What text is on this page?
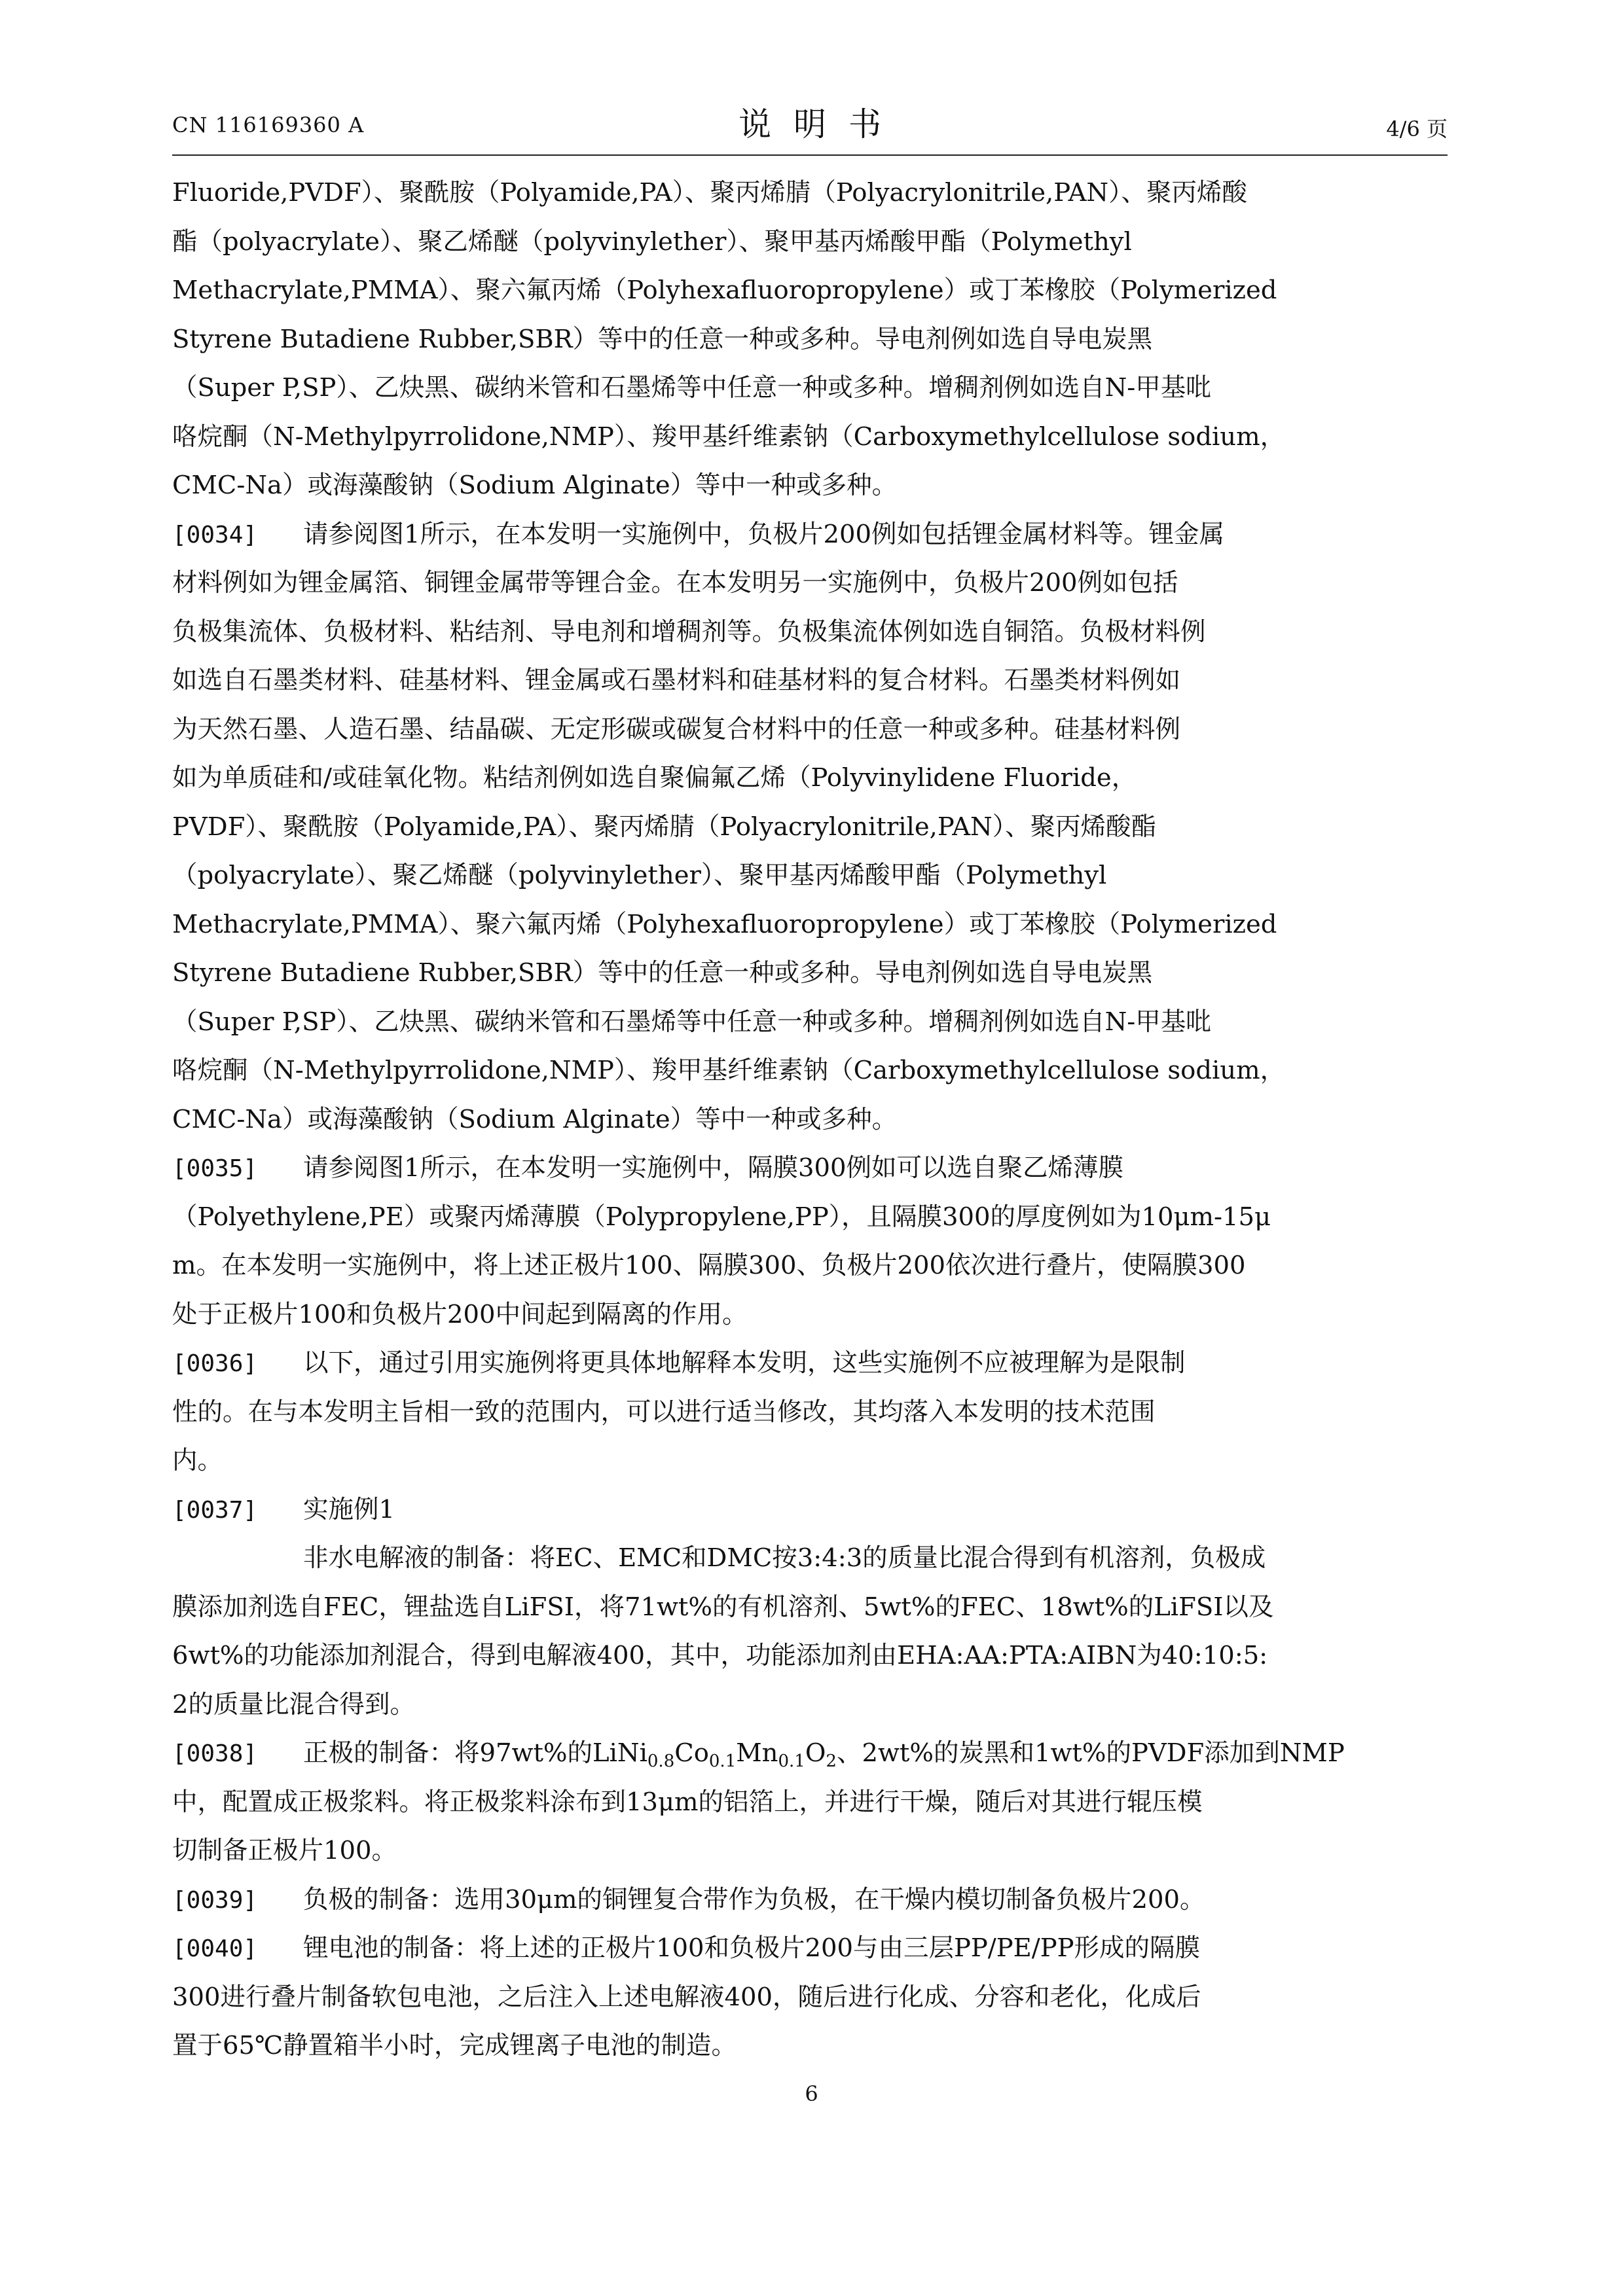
CN 116169360 A	说明书	4/6 页
Fluoride,PVDF）、聚酰胺（Polyamide,PA）、聚丙烯腈（Polyacrylonitrile,PAN）、聚丙烯酸
酯（polyacrylate）、聚乙烯醚（polyvinylether）、聚甲基丙烯酸甲酯（Polymethyl
Methacrylate,PMMA）、聚六氟丙烯（Polyhexafluoropropylene）或丁苯橡胶（Polymerized
Styrene Butadiene Rubber,SBR）等中的任意一种或多种。导电剂例如选自导电炭黑
（Super P,SP）、乙炔黑、碳纳米管和石墨烯等中任意一种或多种。增稠剂例如选自N-甲基吡
咯烷酮（N-Methylpyrrolidone,NMP）、羧甲基纤维素钠（Carboxymethylcellulose sodium，
CMC-Na）或海藻酸钠（Sodium Alginate）等中一种或多种。
[0034] 请参阅图1所示，在本发明一实施例中，负极片200例如包括锂金属材料等。锂金属
材料例如为锂金属箔、铜锂金属带等锂合金。在本发明另一实施例中，负极片200例如包括
负极集流体、负极材料、粘结剂、导电剂和增稠剂等。负极集流体例如选自铜箔。负极材料例
如选自石墨类材料、硅基材料、锂金属或石墨材料和硅基材料的复合材料。石墨类材料例如
为天然石墨、人造石墨、结晶碳、无定形碳或碳复合材料中的任意一种或多种。硅基材料例
如为单质硅和/或硅氧化物。粘结剂例如选自聚偏氟乙烯（Polyvinylidene Fluoride，
PVDF）、聚酰胺（Polyamide,PA）、聚丙烯腈（Polyacrylonitrile,PAN）、聚丙烯酸酯
（polyacrylate）、聚乙烯醚（polyvinylether）、聚甲基丙烯酸甲酯（Polymethyl
Methacrylate,PMMA）、聚六氟丙烯（Polyhexafluoropropylene）或丁苯橡胶（Polymerized
Styrene Butadiene Rubber,SBR）等中的任意一种或多种。导电剂例如选自导电炭黑
（Super P,SP）、乙炔黑、碳纳米管和石墨烯等中任意一种或多种。增稠剂例如选自N-甲基吡
咯烷酮（N-Methylpyrrolidone,NMP）、羧甲基纤维素钠（Carboxymethylcellulose sodium，
CMC-Na）或海藻酸钠（Sodium Alginate）等中一种或多种。
[0035] 请参阅图1所示，在本发明一实施例中，隔膜300例如可以选自聚乙烯薄膜
（Polyethylene,PE）或聚丙烯薄膜（Polypropylene,PP），且隔膜300的厚度例如为10μm-15μ
m。在本发明一实施例中，将上述正极片100、隔膜300、负极片200依次进行叠片，使隔膜300
处于正极片100和负极片200中间起到隔离的作用。
[0036] 以下，通过引用实施例将更具体地解释本发明，这些实施例不应被理解为是限制
性的。在与本发明主旨相一致的范围内，可以进行适当修改，其均落入本发明的技术范围
内。
[0037] 实施例1
非水电解液的制备：将EC、EMC和DMC按3:4:3的质量比混合得到有机溶剂，负极成
膜添加剂选自FEC，锂盐选自LiFSI，将71wt%的有机溶剂、5wt%的FEC、18wt%的LiFSI以及
6wt%的功能添加剂混合，得到电解液400，其中，功能添加剂由EHA:AA:PTA:AIBN为40:10:5:
2的质量比混合得到。
[0038] 正极的制备：将97wt%的$LiNi_{0.8}Co_{0.1}Mn_{0.1}O_2$、2wt%的炭黑和1wt%的PVDF添加到NMP
中，配置成正极浆料。将正极浆料涂布到13μm的铝箔上，并进行干燥，随后对其进行辊压模
切制备正极片100。
[0039] 负极的制备：选用30μm的铜锂复合带作为负极，在干燥内模切制备负极片200。
[0040] 锂电池的制备：将上述的正极片100和负极片200与由三层PP/PE/PP形成的隔膜
300进行叠片制备软包电池，之后注入上述电解液400，随后进行化成、分容和老化，化成后
置于65℃静置箱半小时，完成锂离子电池的制造。
6
